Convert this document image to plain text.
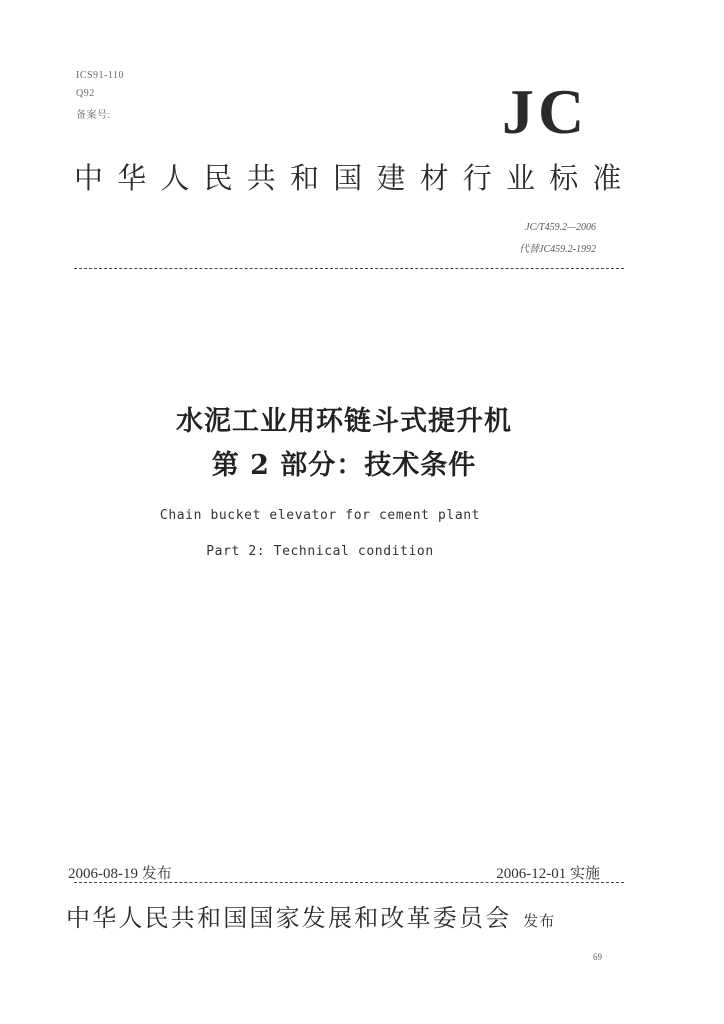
ICS91-110
Q92
备案号:	JC
中华人民共和国建材行业标准
JC/T459.2—2006
代替JC459.2-1992
水泥工业用环链斗式提升机
第 2 部分：技术条件
Chain bucket elevator for cement plant
Part 2: Technical condition
2006-08-19 发布	2006-12-01 实施
中华人民共和国国家发展和改革委员会 发布
69
